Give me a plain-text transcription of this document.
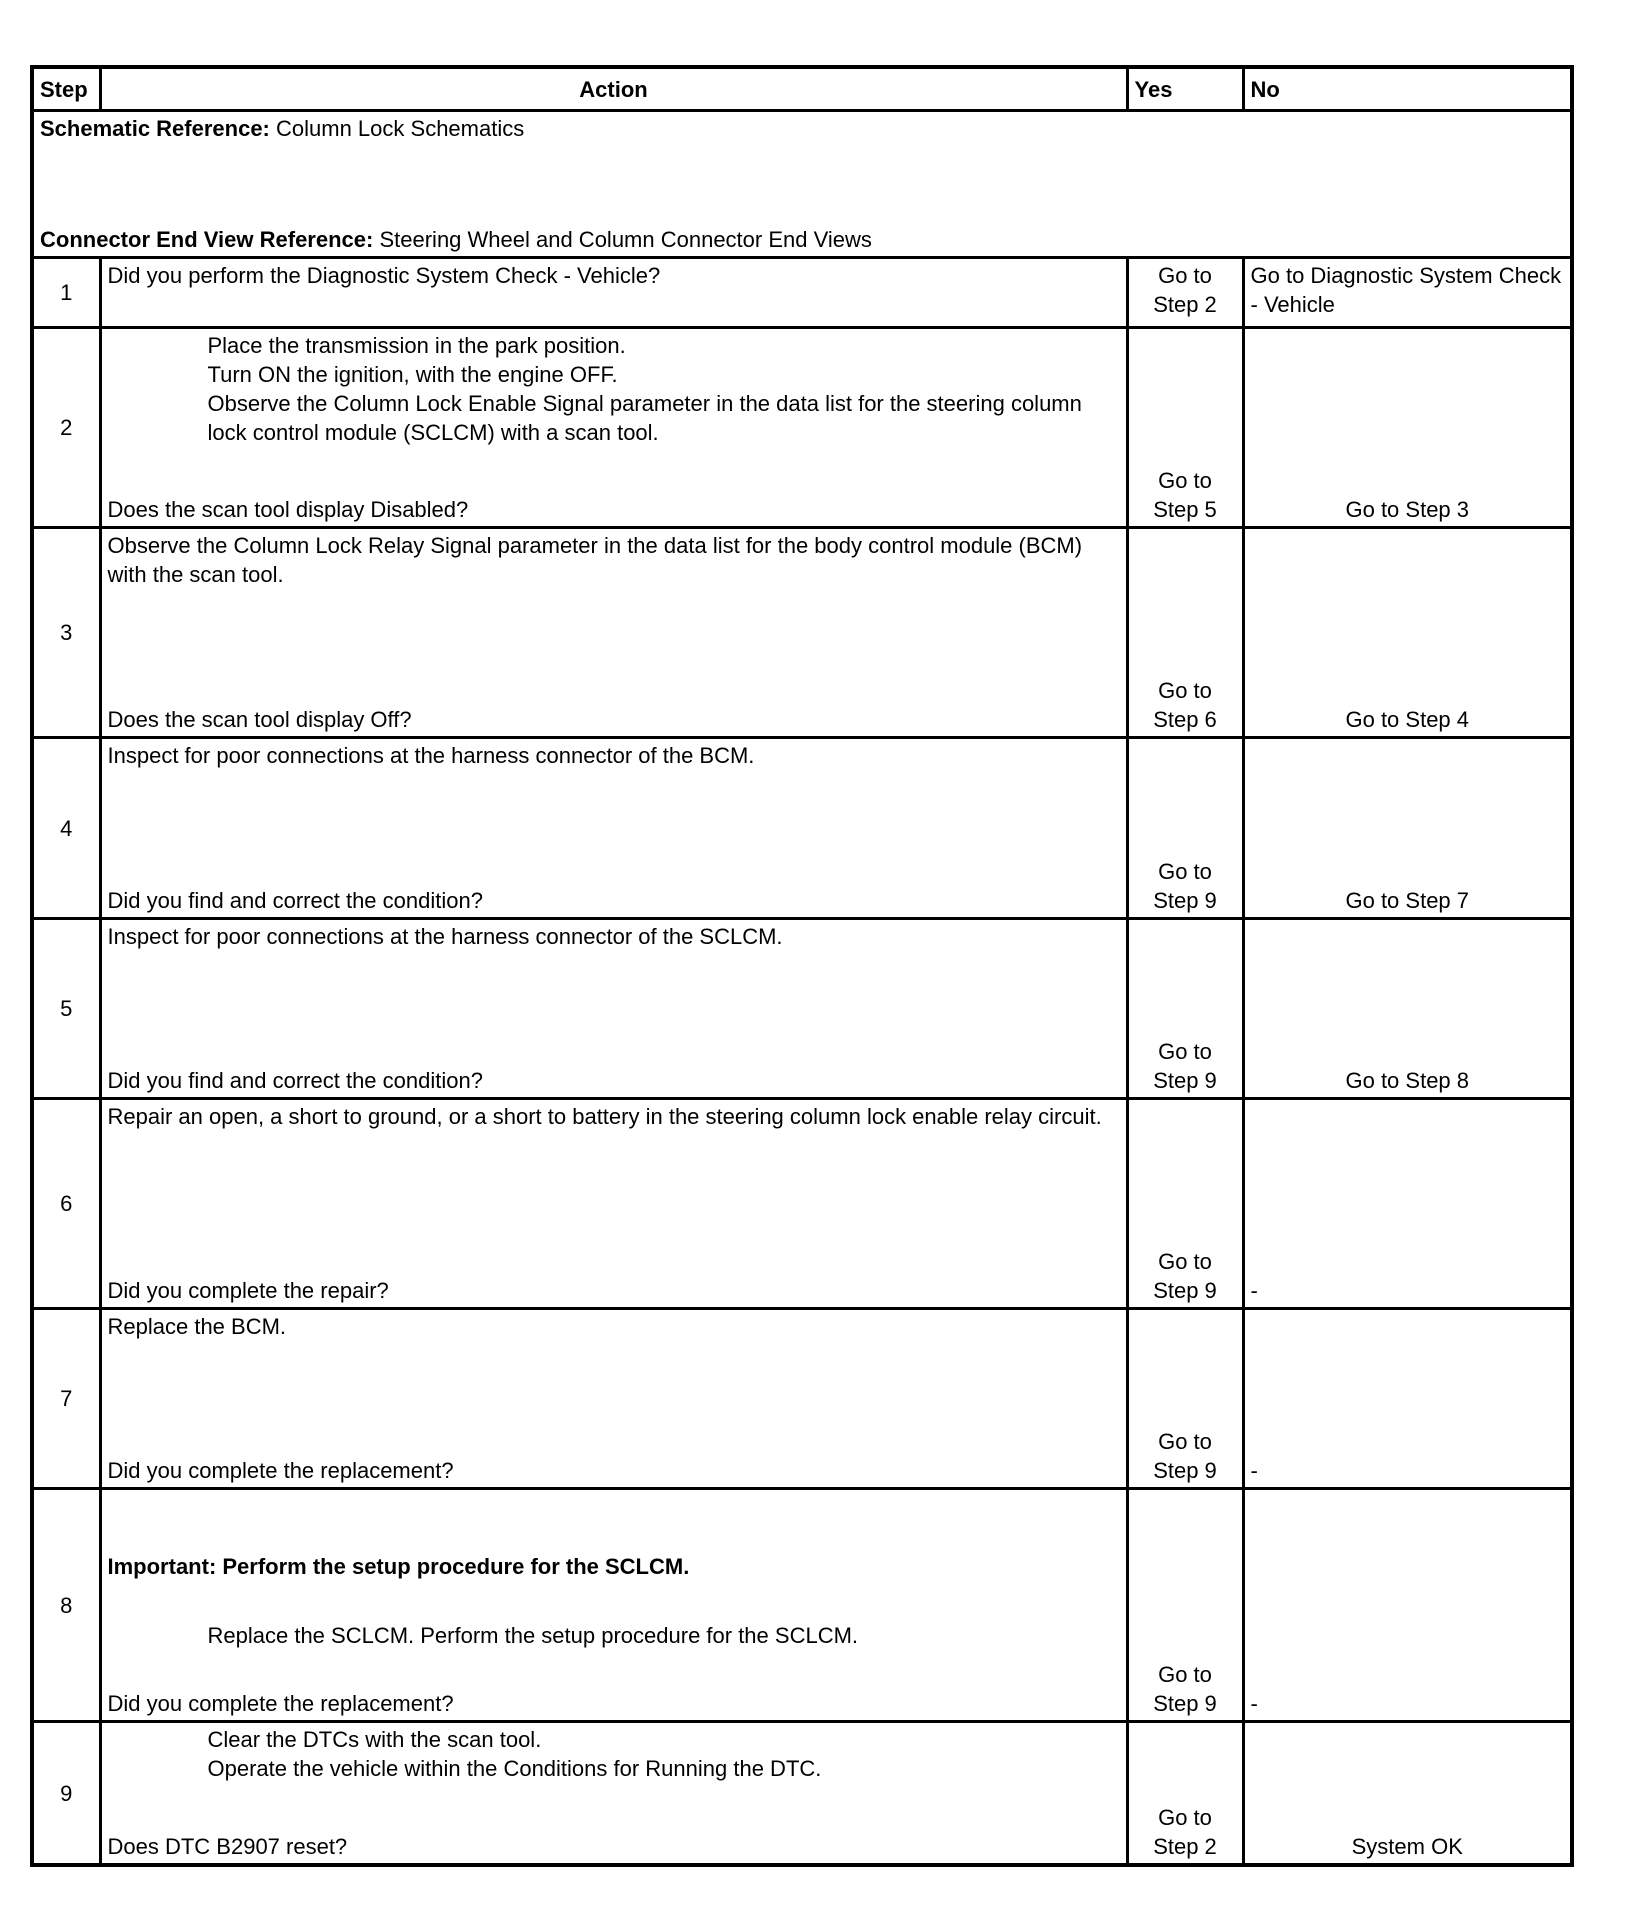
Step	Action	Yes	No

Schematic Reference: Column Lock Schematics
Connector End View Reference: Steering Wheel and Column Connector End Views			

1	Did you perform the Diagnostic System Check - Vehicle?	Go to Step 2	Go to Diagnostic System Check - Vehicle
2	Place the transmission in the park position.
Turn ON the ignition, with the engine OFF.
Observe the Column Lock Enable Signal parameter in the data list for the steering column lock control module (SCLCM) with a scan tool.
Does the scan tool display Disabled?	Go to Step 5	Go to Step 3
3	Observe the Column Lock Relay Signal parameter in the data list for the body control module (BCM) with the scan tool.
Does the scan tool display Off?	Go to Step 6	Go to Step 4
4	Inspect for poor connections at the harness connector of the BCM.
Did you find and correct the condition?	Go to Step 9	Go to Step 7
5	Inspect for poor connections at the harness connector of the SCLCM.
Did you find and correct the condition?	Go to Step 9	Go to Step 8
6	Repair an open, a short to ground, or a short to battery in the steering column lock enable relay circuit.
Did you complete the repair?	Go to Step 9	-
7	Replace the BCM.
Did you complete the replacement?	Go to Step 9	-
8	Important: Perform the setup procedure for the SCLCM.
Replace the SCLCM. Perform the setup procedure for the SCLCM.
Did you complete the replacement?	Go to Step 9	-
9	Clear the DTCs with the scan tool.
Operate the vehicle within the Conditions for Running the DTC.
Does DTC B2907 reset?	Go to Step 2	System OK
